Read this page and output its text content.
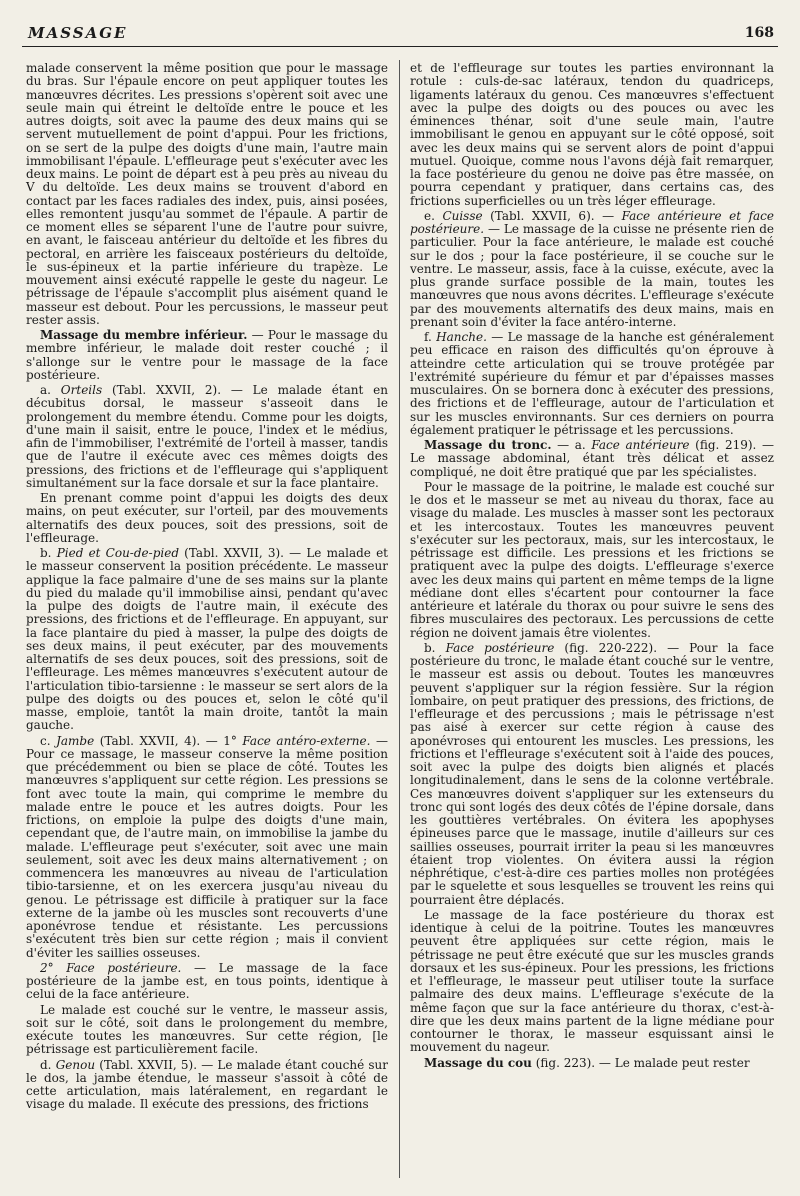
MASSAGE	168

malade conservent la même position que pour le massage du bras. Sur l'épaule encore on peut appliquer toutes les manœuvres décrites. Les pressions s'opèrent soit avec une seule main qui étreint le deltoïde entre le pouce et les autres doigts, soit avec la paume des deux mains qui se servent mutuellement de point d'appui. Pour les frictions, on se sert de la pulpe des doigts d'une main, l'autre main immobilisant l'épaule. L'effleurage peut s'exécuter avec les deux mains. Le point de départ est à peu près au niveau du V du deltoïde. Les deux mains se trouvent d'abord en contact par les faces radiales des index, puis, ainsi posées, elles remontent jusqu'au sommet de l'épaule. A partir de ce moment elles se séparent l'une de l'autre pour suivre, en avant, le faisceau antérieur du deltoïde et les fibres du pectoral, en arrière les faisceaux postérieurs du deltoïde, le sus-épineux et la partie inférieure du trapèze. Le mouvement ainsi exécuté rappelle le geste du nageur. Le pétrissage de l'épaule s'accomplit plus aisément quand le masseur est debout. Pour les percussions, le masseur peut rester assis.

Massage du membre inférieur. — Pour le massage du membre inférieur, le malade doit rester couché ; il s'allonge sur le ventre pour le massage de la face postérieure.

a. Orteils (Tabl. XXVII, 2). — Le malade étant en décubitus dorsal, le masseur s'asseoit dans le prolongement du membre étendu. Comme pour les doigts, d'une main il saisit, entre le pouce, l'index et le médius, afin de l'immobiliser, l'extrémité de l'orteil à masser, tandis que de l'autre il exécute avec ces mêmes doigts des pressions, des frictions et de l'effleurage qui s'appliquent simultanément sur la face dorsale et sur la face plantaire.

En prenant comme point d'appui les doigts des deux mains, on peut exécuter, sur l'orteil, par des mouvements alternatifs des deux pouces, soit des pressions, soit de l'effleurage.

b. Pied et Cou-de-pied (Tabl. XXVII, 3). — Le malade et le masseur conservent la position précédente. Le masseur applique la face palmaire d'une de ses mains sur la plante du pied du malade qu'il immobilise ainsi, pendant qu'avec la pulpe des doigts de l'autre main, il exécute des pressions, des frictions et de l'effleurage. En appuyant, sur la face plantaire du pied à masser, la pulpe des doigts de ses deux mains, il peut exécuter, par des mouvements alternatifs de ses deux pouces, soit des pressions, soit de l'effleurage. Les mêmes manœuvres s'exécutent autour de l'articulation tibio-tarsienne : le masseur se sert alors de la pulpe des doigts ou des pouces et, selon le côté qu'il masse, emploie, tantôt la main droite, tantôt la main gauche.

c. Jambe (Tabl. XXVII, 4). — 1° Face antéro-externe. — Pour ce massage, le masseur conserve la même position que précédemment ou bien se place de côté. Toutes les manœuvres s'appliquent sur cette région. Les pressions se font avec toute la main, qui comprime le membre du malade entre le pouce et les autres doigts. Pour les frictions, on emploie la pulpe des doigts d'une main, cependant que, de l'autre main, on immobilise la jambe du malade. L'effleurage peut s'exécuter, soit avec une main seulement, soit avec les deux mains alternativement ; on commencera les manœuvres au niveau de l'articulation tibio-tarsienne, et on les exercera jusqu'au niveau du genou. Le pétrissage est difficile à pratiquer sur la face externe de la jambe où les muscles sont recouverts d'une aponévrose tendue et résistante. Les percussions s'exécutent très bien sur cette région ; mais il convient d'éviter les saillies osseuses.

2° Face postérieure. — Le massage de la face postérieure de la jambe est, en tous points, identique à celui de la face antérieure.

Le malade est couché sur le ventre, le masseur assis, soit sur le côté, soit dans le prolongement du membre, exécute toutes les manœuvres. Sur cette région, [le pétrissage est particulièrement facile.

d. Genou (Tabl. XXVII, 5). — Le malade étant couché sur le dos, la jambe étendue, le masseur s'assoit à côté de cette articulation, mais latéralement, en regardant le visage du malade. Il exécute des pressions, des frictions

et de l'effleurage sur toutes les parties environnant la rotule : culs-de-sac latéraux, tendon du quadriceps, ligaments latéraux du genou. Ces manœuvres s'effectuent avec la pulpe des doigts ou des pouces ou avec les éminences thénar, soit d'une seule main, l'autre immobilisant le genou en appuyant sur le côté opposé, soit avec les deux mains qui se servent alors de point d'appui mutuel. Quoique, comme nous l'avons déjà fait remarquer, la face postérieure du genou ne doive pas être massée, on pourra cependant y pratiquer, dans certains cas, des frictions superficielles ou un très léger effleurage.

e. Cuisse (Tabl. XXVII, 6). — Face antérieure et face postérieure. — Le massage de la cuisse ne présente rien de particulier. Pour la face antérieure, le malade est couché sur le dos ; pour la face postérieure, il se couche sur le ventre. Le masseur, assis, face à la cuisse, exécute, avec la plus grande surface possible de la main, toutes les manœuvres que nous avons décrites. L'effleurage s'exécute par des mouvements alternatifs des deux mains, mais en prenant soin d'éviter la face antéro-interne.

f. Hanche. — Le massage de la hanche est généralement peu efficace en raison des difficultés qu'on éprouve à atteindre cette articulation qui se trouve protégée par l'extrémité supérieure du fémur et par d'épaisses masses musculaires. On se bornera donc à exécuter des pressions, des frictions et de l'effleurage, autour de l'articulation et sur les muscles environnants. Sur ces derniers on pourra également pratiquer le pétrissage et les percussions.

Massage du tronc. — a. Face antérieure (fig. 219). — Le massage abdominal, étant très délicat et assez compliqué, ne doit être pratiqué que par les spécialistes.

Pour le massage de la poitrine, le malade est couché sur le dos et le masseur se met au niveau du thorax, face au visage du malade. Les muscles à masser sont les pectoraux et les intercostaux. Toutes les manœuvres peuvent s'exécuter sur les pectoraux, mais, sur les intercostaux, le pétrissage est difficile. Les pressions et les frictions se pratiquent avec la pulpe des doigts. L'effleurage s'exerce avec les deux mains qui partent en même temps de la ligne médiane dont elles s'écartent pour contourner la face antérieure et latérale du thorax ou pour suivre le sens des fibres musculaires des pectoraux. Les percussions de cette région ne doivent jamais être violentes.

b. Face postérieure (fig. 220-222). — Pour la face postérieure du tronc, le malade étant couché sur le ventre, le masseur est assis ou debout. Toutes les manœuvres peuvent s'appliquer sur la région fessière. Sur la région lombaire, on peut pratiquer des pressions, des frictions, de l'effleurage et des percussions ; mais le pétrissage n'est pas aisé à exercer sur cette région à cause des aponévroses qui entourent les muscles. Les pressions, les frictions et l'effleurage s'exécutent soit à l'aide des pouces, soit avec la pulpe des doigts bien alignés et placés longitudinalement, dans le sens de la colonne vertébrale. Ces manœuvres doivent s'appliquer sur les extenseurs du tronc qui sont logés des deux côtés de l'épine dorsale, dans les gouttières vertébrales. On évitera les apophyses épineuses parce que le massage, inutile d'ailleurs sur ces saillies osseuses, pourrait irriter la peau si les manœuvres étaient trop violentes. On évitera aussi la région néphrétique, c'est-à-dire ces parties molles non protégées par le squelette et sous lesquelles se trouvent les reins qui pourraient être déplacés.

Le massage de la face postérieure du thorax est identique à celui de la poitrine. Toutes les manœuvres peuvent être appliquées sur cette région, mais le pétrissage ne peut être exécuté que sur les muscles grands dorsaux et les sus-épineux. Pour les pressions, les frictions et l'effleurage, le masseur peut utiliser toute la surface palmaire des deux mains. L'effleurage s'exécute de la même façon que sur la face antérieure du thorax, c'est-à-dire que les deux mains partent de la ligne médiane pour contourner le thorax, le masseur esquissant ainsi le mouvement du nageur.

Massage du cou (fig. 223). — Le malade peut rester
